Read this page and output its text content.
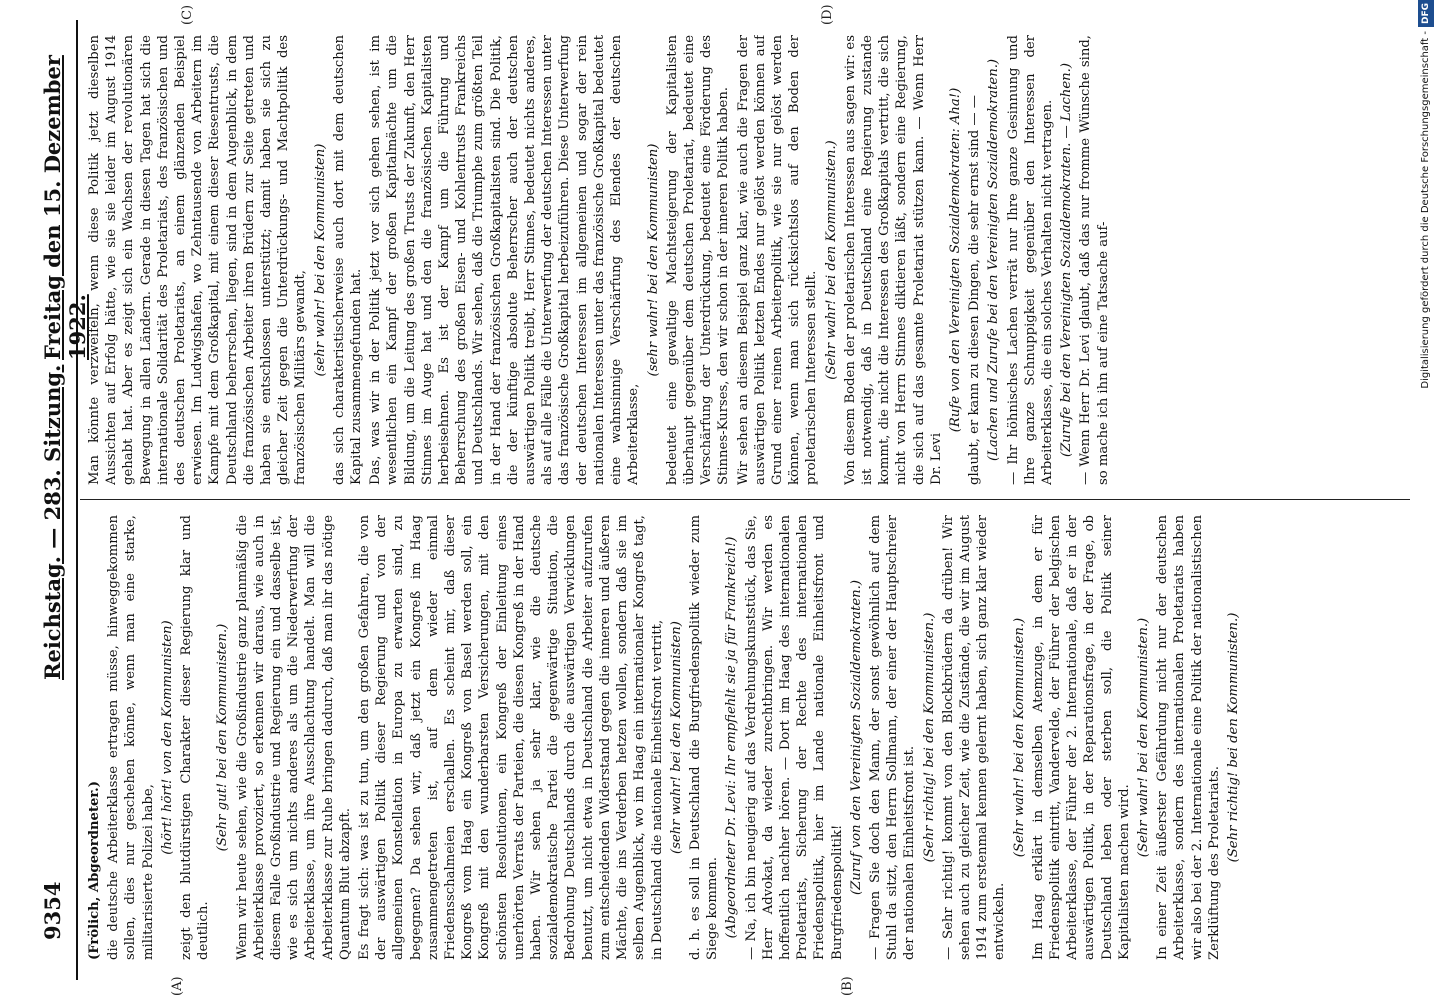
9354
Reichstag. — 283. Sitzung.
Freitag den 15. Dezember 1922.
(A)	(B)
(C)	(D)

(Frölich, Abgeordneter.) die deutsche Arbeiterklasse ertragen müsse, hinweggekommen sollen, dies nur geschehen könne, wenn man eine starke, militarisierte Polizei habe,

(hört! hört! von den Kommunisten) zeigt den blutdürstigen Charakter dieser Regierung klar und deutlich.

(Sehr gut! bei den Kommunisten.) Wenn wir heute sehen, wie die Großindustrie ganz planmäßig die Arbeiterklasse provoziert, so erkennen wir daraus, wie auch in diesem Falle Großindustrie und Regierung ein und dasselbe ist, wie es sich um nichts anderes als um die Niederwerfung der Arbeiterklasse, um ihre Ausschlachtung handelt. Man will die Arbeiterklasse zur Ruhe bringen dadurch, daß man ihr das nötige Quantum Blut abzapft. Es fragt sich: was ist zu tun, um den großen Gefahren, die von der auswärtigen Politik dieser Regierung und von der allgemeinen Konstellation in Europa zu erwarten sind, zu begegnen? Da sehen wir, daß jetzt ein Kongreß im Haag zusammengetreten ist, auf dem wieder einmal Friedensschalmeien erschallen. Es scheint mir, daß dieser Kongreß vom Haag ein Kongreß von Basel werden soll, ein Kongreß mit den wunderbarsten Versicherungen, mit den schönsten Resolutionen, ein Kongreß der Einleitung eines unerhörten Verrats der Parteien, die diesen Kongreß in der Hand haben. Wir sehen ja sehr klar, wie die deutsche sozialdemokratische Partei die gegenwärtige Situation, die Bedrohung Deutschlands durch die auswärtigen Verwicklungen benutzt, um nicht etwa in Deutschland die Arbeiter aufzurufen zum entscheidenden Widerstand gegen die inneren und äußeren Mächte, die ins Verderben hetzen wollen, sondern daß sie im selben Augenblick, wo im Haag ein internationaler Kongreß tagt, in Deutschland die nationale Einheitsfront vertritt, (sehr wahr! bei den Kommunisten) d. h. es soll in Deutschland die Burgfriedenspolitik wieder zum Siege kommen. (Abgeordneter Dr. Levi: Ihr empfiehlt sie ja für Frankreich!) — Na, ich bin neugierig auf das Verdrehungskunststück, das Sie, Herr Advokat, da wieder zurechtbringen. Wir werden es hoffentlich nachher hören. — Dort im Haag des internationalen Proletariats, Sicherung der Rechte des internationalen Friedenspolitik, hier im Lande nationale Einheitsfront und Burgfriedenspolitik! (Zuruf von den Vereinigten Sozialdemokraten.) — Fragen Sie doch den Mann, der sonst gewöhnlich auf dem Stuhl da sitzt, den Herrn Sollmann, der einer der Hauptschreier der nationalen Einheitsfront ist. (Sehr richtig! bei den Kommunisten.) — Sehr richtig! kommt von den Blockbrüdern da drüben! Wir sehen auch zu gleicher Zeit, wie die Zustände, die wir im August 1914 zum erstenmal kennen gelernt haben, sich ganz klar wieder entwickeln.

(Sehr wahr! bei den Kommunisten.) Im Haag erklärt in demselben Atemzuge, in dem er für Friedenspolitik eintritt, Vandervelde, der Führer der belgischen Arbeiterklasse, der Führer der 2. Internationale, daß er in der auswärtigen Politik, in der Reparationsfrage, in der Frage, ob Deutschland leben oder sterben soll, die Politik seiner Kapitalisten machen wird.

(Sehr wahr! bei den Kommunisten.) In einer Zeit äußerster Gefährdung nicht nur der deutschen Arbeiterklasse, sondern des internationalen Proletariats haben wir also bei der 2. Internationale eine Politik der nationalistischen Zerklüftung des Proletariats.

(Sehr richtig! bei den Kommunisten.)

Man könnte verzweifeln, wenn diese Politik jetzt dieselben Aussichten auf Erfolg hätte, wie sie sie leider im August 1914 gehabt hat. Aber es zeigt sich ein Wachsen der revolutionären Bewegung in allen Ländern. Gerade in diesen Tagen hat sich die internationale Solidarität des Proletariats, des französischen und des deutschen Proletariats, an einem glänzenden Beispiel erwiesen. Im Ludwigshafen, wo Zehntausende von Arbeitern im Kampfe mit dem Großkapital, mit einem dieser Riesentrusts, die Deutschland beherrschen, liegen, sind in dem Augenblick, in dem die französischen Arbeiter ihren Brüdern zur Seite getreten und haben sie entschlossen unterstützt; damit haben sie sich zu gleicher Zeit gegen die Unterdrückungs- und Machtpolitik des französischen Militärs gewandt,

(sehr wahr! bei den Kommunisten) das sich charakteristischerweise auch dort mit dem deutschen Kapital zusammengefunden hat. Das, was wir in der Politik jetzt vor sich gehen sehen, ist im wesentlichen ein Kampf der großen Kapitalmächte um die Bildung, um die Leitung des großen Trusts der Zukunft, den Herr Stinnes im Auge hat und den die französischen Kapitalisten herbeisehnen. Es ist der Kampf um die Führung und Beherrschung des großen Eisen- und Kohlentrusts Frankreichs und Deutschlands. Wir sehen, daß die Triumphe zum größten Teil in der Hand der französischen Großkapitalisten sind. Die Politik, die der künftige absolute Beherrscher auch der deutschen auswärtigen Politik treibt, Herr Stinnes, bedeutet nichts anderes, als auf alle Fälle die Unterwerfung der deutschen Interessen unter das französische Großkapital herbeizuführen. Diese Unterwerfung der deutschen Interessen im allgemeinen und sogar der rein nationalen Interessen unter das französische Großkapital bedeutet eine wahnsinnige Verschärfung des Elendes der deutschen Arbeiterklasse,

(sehr wahr! bei den Kommunisten) bedeutet eine gewaltige Machtsteigerung der Kapitalisten überhaupt gegenüber dem deutschen Proletariat, bedeutet eine Verschärfung der Unterdrückung, bedeutet eine Förderung des Stinnes-Kurses, den wir schon in der inneren Politik haben. Wir sehen an diesem Beispiel ganz klar, wie auch die Fragen der auswärtigen Politik letzten Endes nur gelöst werden können auf Grund einer reinen Arbeiterpolitik, wie sie nur gelöst werden können, wenn man sich rücksichtslos auf den Boden der proletarischen Interessen stellt. (Sehr wahr! bei den Kommunisten.) Von diesem Boden der proletarischen Interessen aus sagen wir: es ist notwendig, daß in Deutschland eine Regierung zustande kommt, die nicht die Interessen des Großkapitals vertritt, die sich nicht von Herrn Stinnes diktieren läßt, sondern eine Regierung, die sich auf das gesamte Proletariat stützen kann. — Wenn Herr Dr. Levi

(Rufe von den Vereinigten Sozialdemokraten: Aha!) glaubt, er kann zu diesen Dingen, die sehr ernst sind — — (Lachen und Zurufe bei den Vereinigten Sozialdemokraten.) — Ihr höhnisches Lachen verrät nur Ihre ganze Gesinnung und Ihre ganze Schnuppigkeit gegenüber den Interessen der Arbeiterklasse, die ein solches Verhalten nicht vertragen. (Zurufe bei den Vereinigten Sozialdemokraten. — Lachen.) — Wenn Herr Dr. Levi glaubt, daß das nur fromme Wünsche sind, so mache ich ihn auf eine Tatsache auf-	Digitalisierung gefördert durch die Deutsche Forschungsgemeinschaft -DFG
